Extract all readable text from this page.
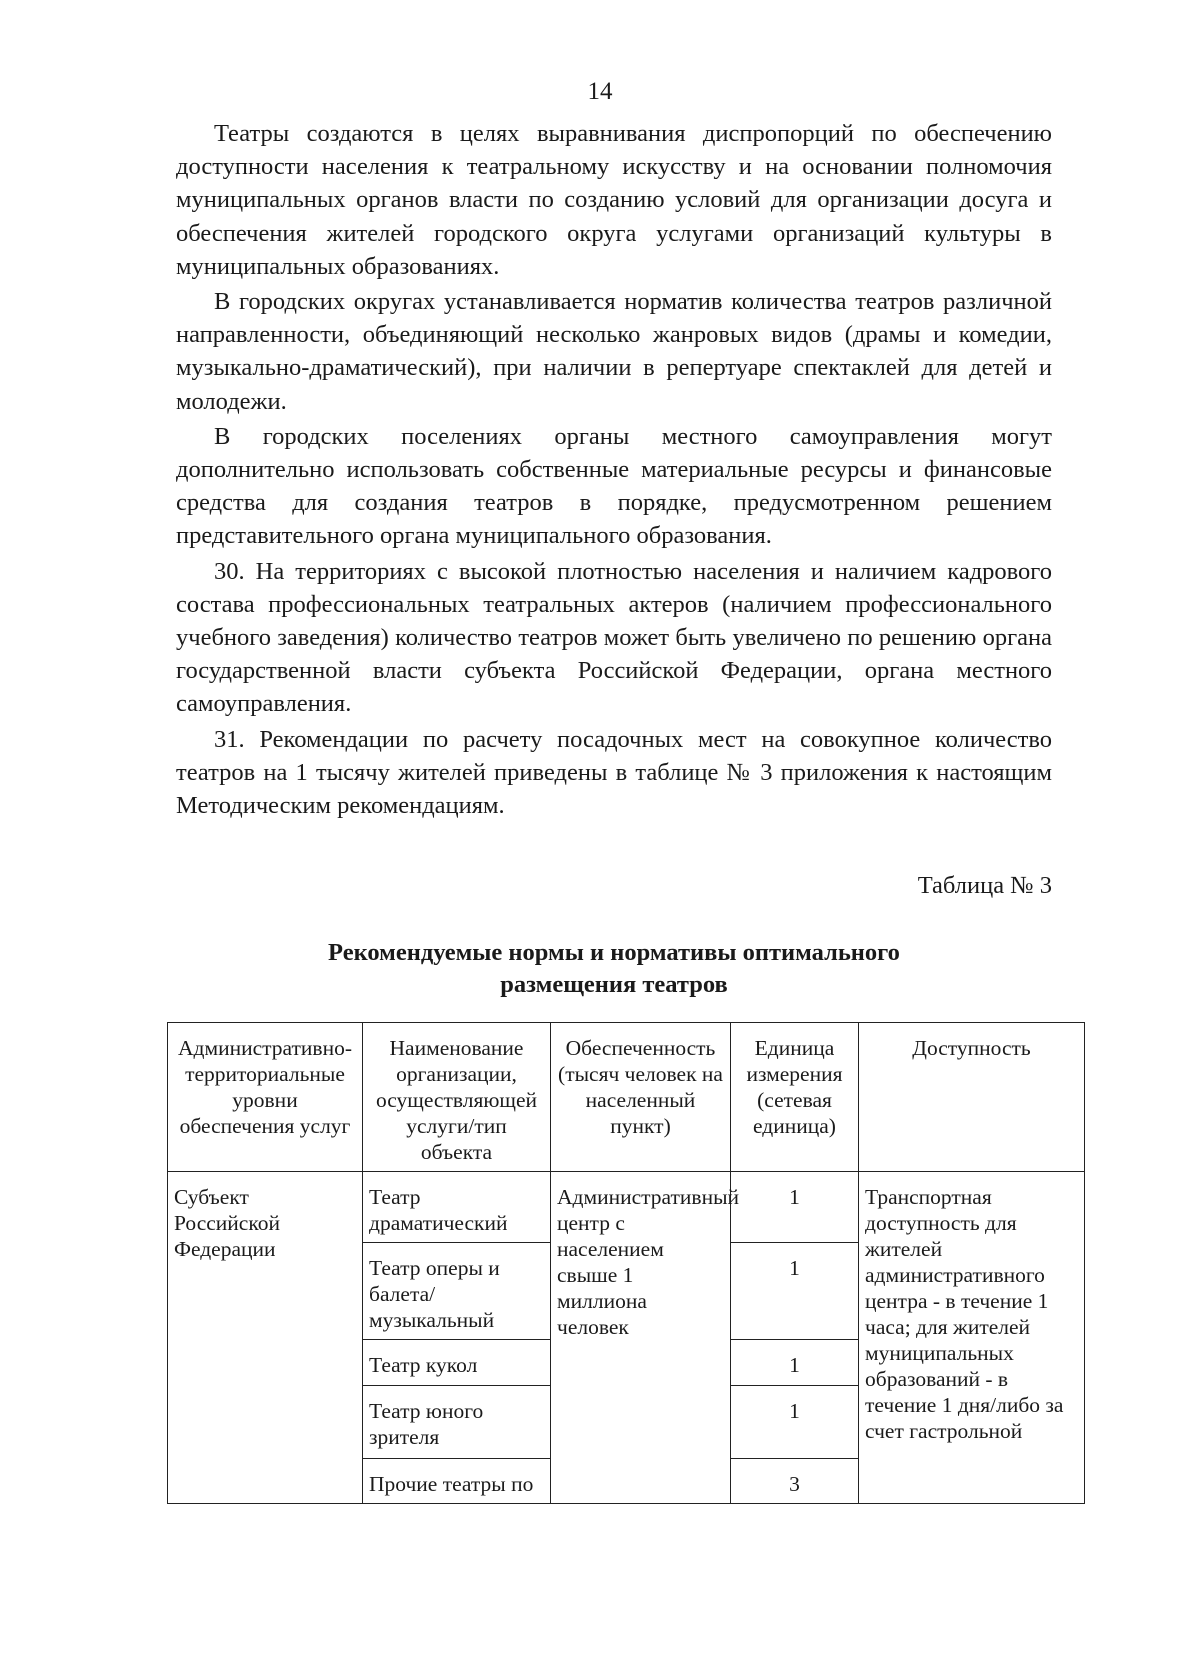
14

Театры создаются в целях выравнивания диспропорций по обеспечению доступности населения к театральному искусству и на основании полномочия муниципальных органов власти по созданию условий для организации досуга и обеспечения жителей городского округа услугами организаций культуры в муниципальных образованиях.

В городских округах устанавливается норматив количества театров различной направленности, объединяющий несколько жанровых видов (драмы и комедии, музыкально-драматический), при наличии в репертуаре спектаклей для детей и молодежи.

В городских поселениях органы местного самоуправления могут дополнительно использовать собственные материальные ресурсы и финансовые средства для создания театров в порядке, предусмотренном решением представительного органа муниципального образования.

30. На территориях с высокой плотностью населения и наличием кадрового состава профессиональных театральных актеров (наличием профессионального учебного заведения) количество театров может быть увеличено по решению органа государственной власти субъекта Российской Федерации, органа местного самоуправления.

31. Рекомендации по расчету посадочных мест на совокупное количество театров на 1 тысячу жителей приведены в таблице № 3 приложения к настоящим Методическим рекомендациям.

Таблица № 3
Рекомендуемые нормы и нормативы оптимального
размещения театров
Административно-территориальные уровни обеспечения услуг	Наименование организации, осуществляющей услуги/тип объекта	Обеспеченность (тысяч человек на населенный пункт)	Единица измерения (сетевая единица)	Доступность
Субъект Российской Федерации	Театр драматический	Административный центр с населением свыше 1 миллиона человек	1	Транспортная доступность для жителей административного центра - в течение 1 часа; для жителей муниципальных образований - в течение 1 дня/либо за счет гастрольной
	Театр оперы и балета/ музыкальный		1	
	Театр кукол		1	
	Театр юного зрителя		1	
	Прочие театры по		3	
